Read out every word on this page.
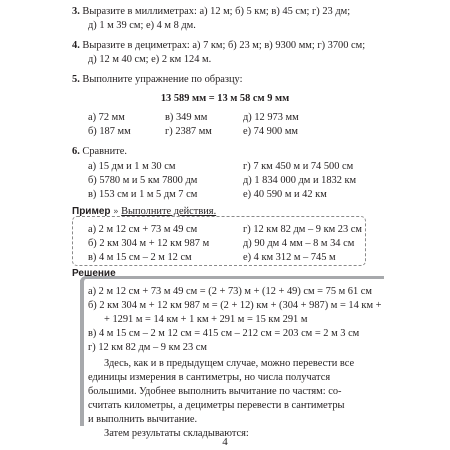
3. Выразите в миллиметрах: а) 12 м; б) 5 км; в) 45 см; г) 23 дм;
д) 1 м 39 см; е) 4 м 8 дм.
4. Выразите в дециметрах: а) 7 км; б) 23 м; в) 9300 мм; г) 3700 см;
д) 12 м 40 см; е) 2 км 124 м.
5. Выполните упражнение по образцу:
13 589 мм = 13 м 58 см 9 мм
а) 72 мм	в) 349 мм	д) 12 973 мм
б) 187 мм	г) 2387 мм	е) 74 900 мм
6. Сравните.
а) 15 дм и 1 м 30 см	г) 7 км 450 м и 74 500 см
б) 5780 м и 5 км 7800 дм	д) 1 834 000 дм и 1832 км
в) 153 см и 1 м 5 дм 7 см	е) 40 590 м и 42 км
Пример » Выполните действия.
а) 2 м 12 см + 73 м 49 см	г) 12 км 82 дм – 9 км 23 см
б) 2 км 304 м + 12 км 987 м	д) 90 дм 4 мм – 8 м 34 см
в) 4 м 15 см – 2 м 12 см	е) 4 км 312 м – 745 м
Решение
а) 2 м 12 см + 73 м 49 см = (2 + 73) м + (12 + 49) см = 75 м 61 см
б) 2 км 304 м + 12 км 987 м = (2 + 12) км + (304 + 987) м = 14 км +
+ 1291 м = 14 км + 1 км + 291 м = 15 км 291 м
в) 4 м 15 см – 2 м 12 см = 415 см – 212 см = 203 см = 2 м 3 см
г) 12 км 82 дм – 9 км 23 см
Здесь, как и в предыдущем случае, можно перевести все
единицы измерения в сантиметры, но числа получатся
большими. Удобнее выполнить вычитание по частям: со-
считать километры, а дециметры перевести в сантиметры
и выполнить вычитание.
Затем результаты складываются:
4
